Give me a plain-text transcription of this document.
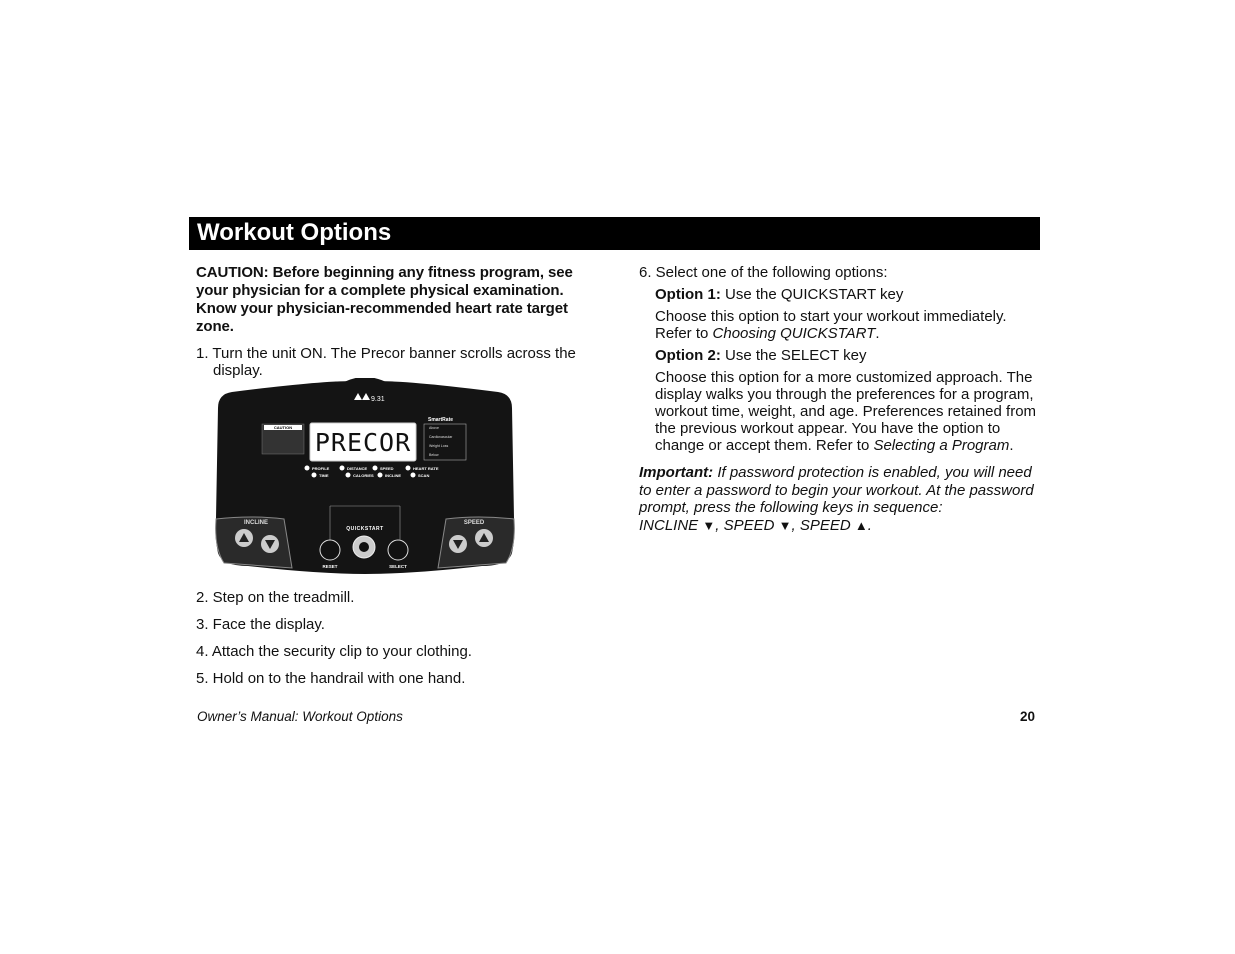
Workout Options

CAUTION: Before beginning any fitness program, see your physician for a complete physical examination. Know your physician-recommended heart rate target zone.

1. Turn the unit ON. The Precor banner scrolls across the display.

INCLINE	SPEED
9.31
CAUTION
PRECOR
SmartRate
Above
Cardiovascular
Weight Loss
Below
PROFILE	DISTANCE	SPEED	HEART RATE
TIME	CALORIES	INCLINE	SCAN
QUICKSTART
RESET	SELECT

2. Step on the treadmill.

3. Face the display.

4. Attach the security clip to your clothing.

5. Hold on to the handrail with one hand.

6. Select one of the following options:

Option 1: Use the QUICKSTART key

Choose this option to start your workout immediately. Refer to Choosing QUICKSTART.

Option 2: Use the SELECT key

Choose this option for a more customized approach. The display walks you through the preferences for a program, workout time, weight, and age. Preferences retained from the previous workout appear. You have the option to change or accept them. Refer to Selecting a Program.

Important: If password protection is enabled, you will need to enter a password to begin your workout. At the password prompt, press the following keys in sequence:
INCLINE ▼, SPEED ▼, SPEED ▲.

Owner’s Manual: Workout Options	20
